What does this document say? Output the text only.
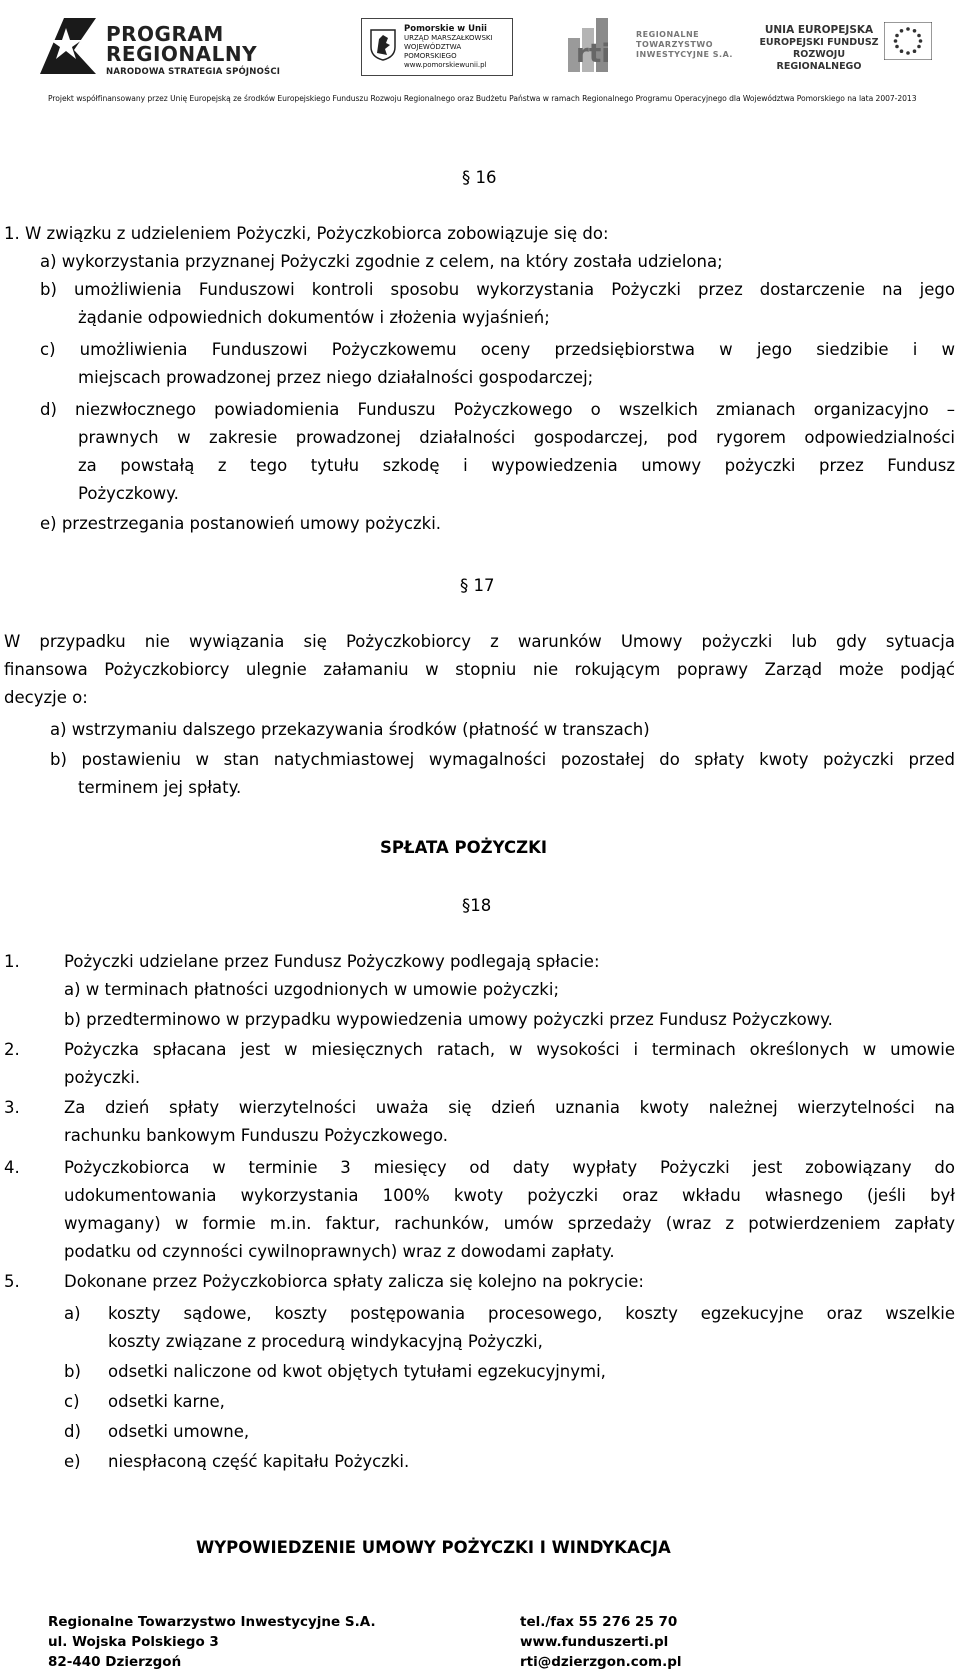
PROGRAM
REGIONALNY
NARODOWA STRATEGIA SPÓJNOŚCI
Pomorskie w Unii
URZĄD MARSZAŁKOWSKI
WOJEWÓDZTWA POMORSKIEGO
www.pomorskiewunii.pl	rti
REGIONALNE
TOWARZYSTWO
INWESTYCYJNE S.A.
UNIA EUROPEJSKA
EUROPEJSKI FUNDUSZ
ROZWOJU REGIONALNEGO
Projekt współfinansowany przez Unię Europejską ze środków Europejskiego Funduszu Rozwoju Regionalnego oraz Budżetu Państwa w ramach Regionalnego Programu Operacyjnego dla Województwa Pomorskiego na lata 2007-2013
§ 16
1. W związku z udzieleniem Pożyczki, Pożyczkobiorca zobowiązuje się do:
a) wykorzystania przyznanej Pożyczki zgodnie z celem, na który została udzielona;
b) umożliwienia Funduszowi kontroli sposobu wykorzystania Pożyczki przez dostarczenie na jego
żądanie odpowiednich dokumentów i złożenia wyjaśnień;
c) umożliwienia Funduszowi Pożyczkowemu oceny przedsiębiorstwa w jego siedzibie i w
miejscach prowadzonej przez niego działalności gospodarczej;
d) niezwłocznego powiadomienia Funduszu Pożyczkowego o wszelkich zmianach organizacyjno –
prawnych w zakresie prowadzonej działalności gospodarczej, pod rygorem odpowiedzialności
za powstałą z tego tytułu szkodę i wypowiedzenia umowy pożyczki przez Fundusz
Pożyczkowy.
e) przestrzegania postanowień umowy pożyczki.
§ 17
W przypadku nie wywiązania się Pożyczkobiorcy z warunków Umowy pożyczki lub gdy sytuacja
finansowa Pożyczkobiorcy ulegnie załamaniu w stopniu nie rokującym poprawy Zarząd może podjąć
decyzje o:
a) wstrzymaniu dalszego przekazywania środków (płatność w transzach)
b) postawieniu w stan natychmiastowej wymagalności pozostałej do spłaty kwoty pożyczki przed
terminem jej spłaty.
SPŁATA POŻYCZKI
§18
1.	Pożyczki udzielane przez Fundusz Pożyczkowy podlegają spłacie:
a) w terminach płatności uzgodnionych w umowie pożyczki;
b) przedterminowo w przypadku wypowiedzenia umowy pożyczki przez Fundusz Pożyczkowy.
2.	Pożyczka spłacana jest w miesięcznych ratach, w wysokości i terminach określonych w umowie
pożyczki.
3.	Za dzień spłaty wierzytelności uważa się dzień uznania kwoty należnej wierzytelności na
rachunku bankowym Funduszu Pożyczkowego.
4.	Pożyczkobiorca w terminie 3 miesięcy od daty wypłaty Pożyczki jest zobowiązany do
udokumentowania wykorzystania 100% kwoty pożyczki oraz wkładu własnego (jeśli był
wymagany) w formie m.in. faktur, rachunków, umów sprzedaży (wraz z potwierdzeniem zapłaty
podatku od czynności cywilnoprawnych) wraz z dowodami zapłaty.
5.	Dokonane przez Pożyczkobiorca spłaty zalicza się kolejno na pokrycie:
a) koszty sądowe, koszty postępowania procesowego, koszty egzekucyjne oraz wszelkie
koszty związane z procedurą windykacyjną Pożyczki,
b) odsetki naliczone od kwot objętych tytułami egzekucyjnymi,
c) odsetki karne,
d) odsetki umowne,
e) niespłaconą część kapitału Pożyczki.
WYPOWIEDZENIE UMOWY POŻYCZKI I WINDYKACJA
Regionalne Towarzystwo Inwestycyjne S.A.
ul. Wojska Polskiego 3
82-440 Dzierzgoń
tel./fax 55 276 25 70
www.funduszerti.pl
rti@dzierzgon.com.pl
